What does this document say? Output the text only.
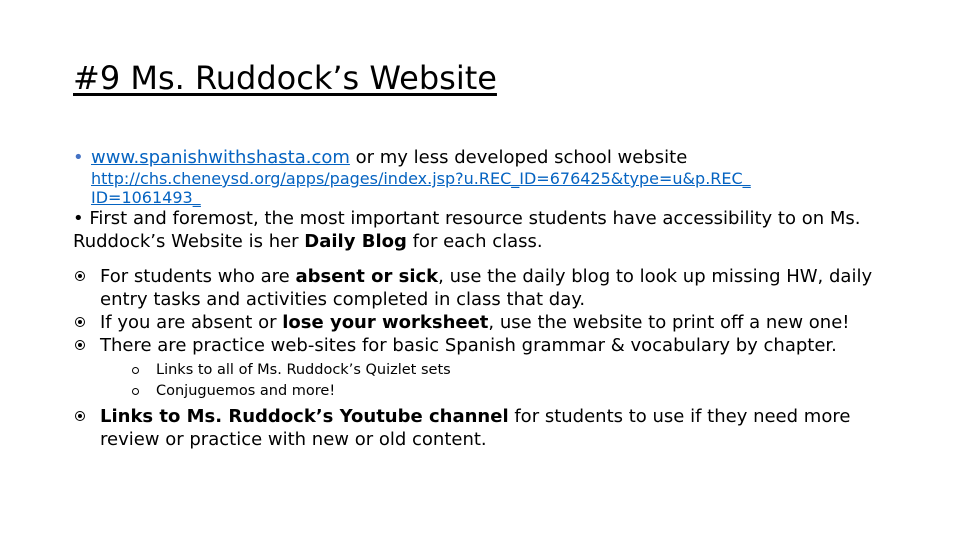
#9 Ms. Ruddock’s Website
• www.spanishwithshasta.com or my less developed school website
http://chs.cheneysd.org/apps/pages/index.jsp?u.REC_ID=676425&type=u&p.REC_
ID=1061493_
• First and foremost, the most important resource students have accessibility to on Ms. Ruddock’s Website is her Daily Blog for each class.
For students who are absent or sick, use the daily blog to look up missing HW, daily entry tasks and activities completed in class that day.
If you are absent or lose your worksheet, use the website to print off a new one!
There are practice web-sites for basic Spanish grammar & vocabulary by chapter.
Links to all of Ms. Ruddock’s Quizlet sets
Conjuguemos and more!
Links to Ms. Ruddock’s Youtube channel for students to use if they need more review or practice with new or old content.
